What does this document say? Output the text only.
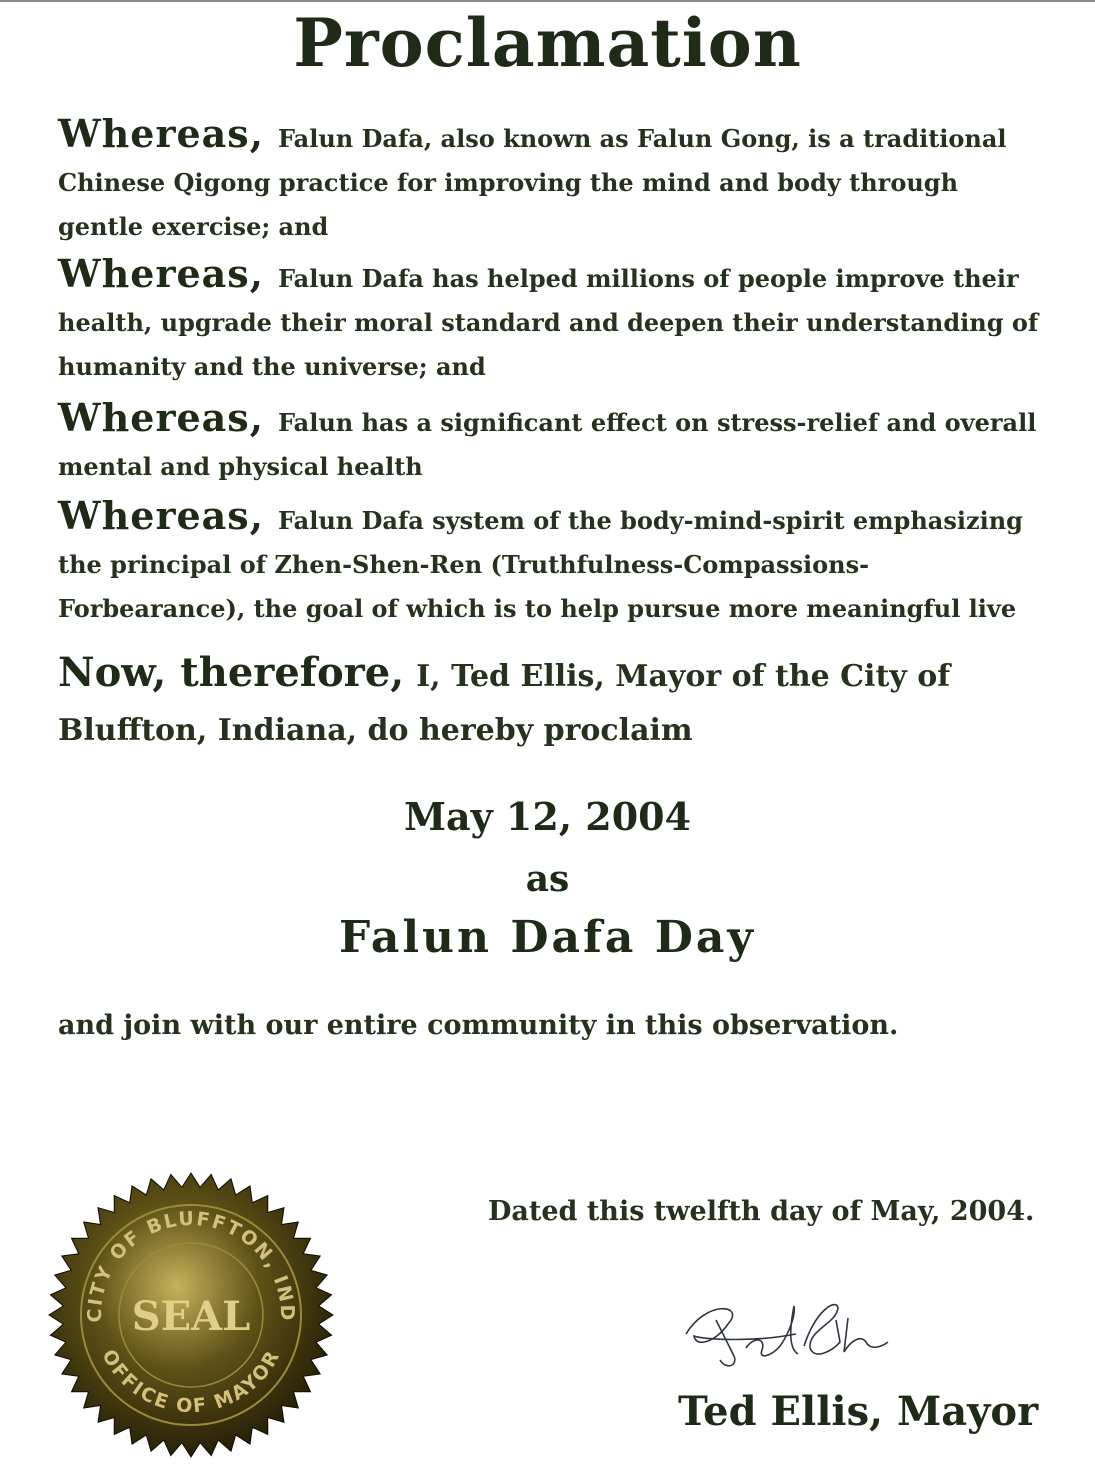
Proclamation
Whereas, Falun Dafa, also known as Falun Gong, is a traditional Chinese Qigong practice for improving the mind and body through gentle exercise; and
Whereas, Falun Dafa has helped millions of people improve their health, upgrade their moral standard and deepen their understanding of humanity and the universe; and
Whereas, Falun has a significant effect on stress-relief and overall mental and physical health
Whereas, Falun Dafa system of the body-mind-spirit emphasizing the principal of Zhen-Shen-Ren (Truthfulness-Compassions-Forbearance), the goal of which is to help pursue more meaningful live
Now, therefore, I, Ted Ellis, Mayor of the City of Bluffton, Indiana, do hereby proclaim
May 12, 2004
as
Falun Dafa Day
and join with our entire community in this observation.
Dated this twelfth day of May, 2004.
Ted Ellis, Mayor
CITY OF BLUFFTON, IND
OFFICE OF MAYOR
SEAL
